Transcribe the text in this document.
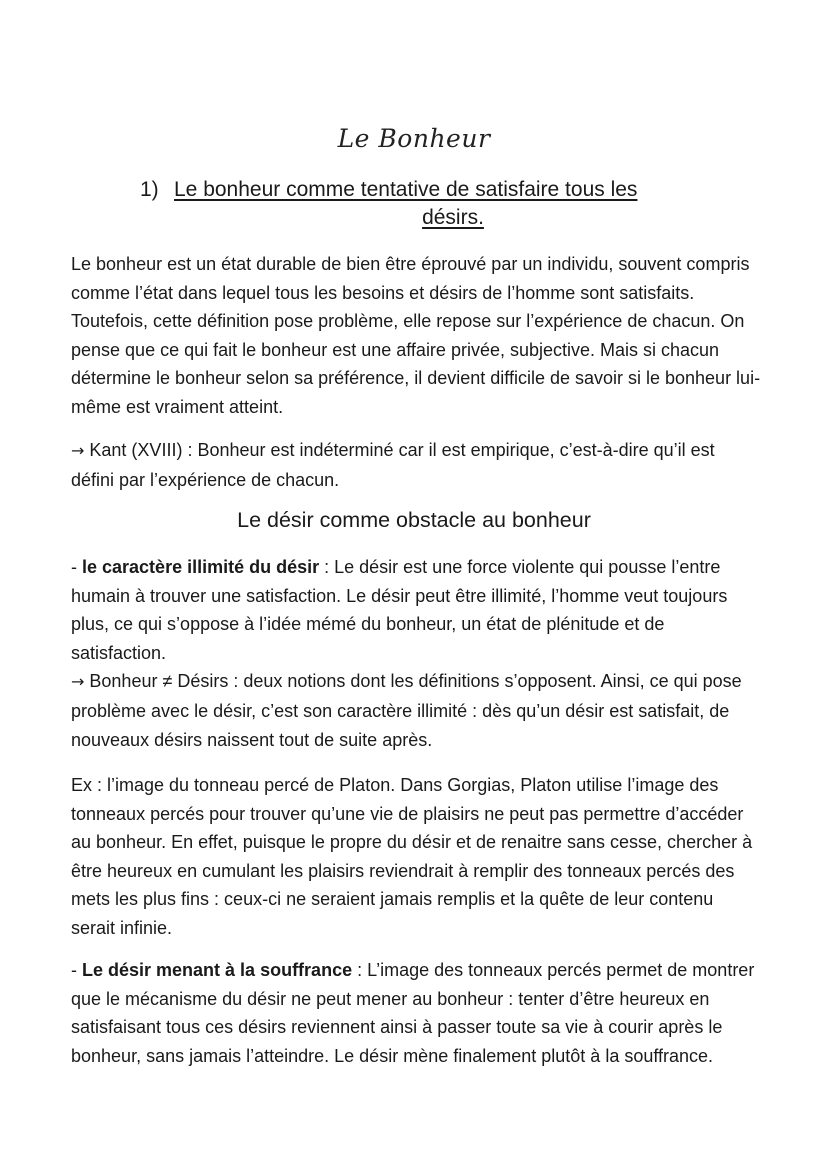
Le Bonheur
1) Le bonheur comme tentative de satisfaire tous les
désirs.

Le bonheur est un état durable de bien être éprouvé par un individu, souvent compris comme l’état dans lequel tous les besoins et désirs de l’homme sont satisfaits. Toutefois, cette définition pose problème, elle repose sur l’expérience de chacun. On pense que ce qui fait le bonheur est une affaire privée, subjective. Mais si chacun détermine le bonheur selon sa préférence, il devient difficile de savoir si le bonheur lui-même est vraiment atteint.

→ Kant (XVIII) : Bonheur est indéterminé car il est empirique, c’est-à-dire qu’il est défini par l’expérience de chacun.

Le désir comme obstacle au bonheur

- le caractère illimité du désir : Le désir est une force violente qui pousse l’entre humain à trouver une satisfaction. Le désir peut être illimité, l’homme veut toujours plus, ce qui s’oppose à l’idée mémé du bonheur, un état de plénitude et de satisfaction.
→ Bonheur ≠ Désirs : deux notions dont les définitions s’opposent. Ainsi, ce qui pose problème avec le désir, c’est son caractère illimité : dès qu’un désir est satisfait, de nouveaux désirs naissent tout de suite après.

Ex : l’image du tonneau percé de Platon. Dans Gorgias, Platon utilise l’image des tonneaux percés pour trouver qu’une vie de plaisirs ne peut pas permettre d’accéder au bonheur. En effet, puisque le propre du désir et de renaitre sans cesse, chercher à être heureux en cumulant les plaisirs reviendrait à remplir des tonneaux percés des mets les plus fins : ceux-ci ne seraient jamais remplis et la quête de leur contenu serait infinie.

- Le désir menant à la souffrance : L’image des tonneaux percés permet de montrer que le mécanisme du désir ne peut mener au bonheur : tenter d’être heureux en satisfaisant tous ces désirs reviennent ainsi à passer toute sa vie à courir après le bonheur, sans jamais l’atteindre. Le désir mène finalement plutôt à la souffrance.
